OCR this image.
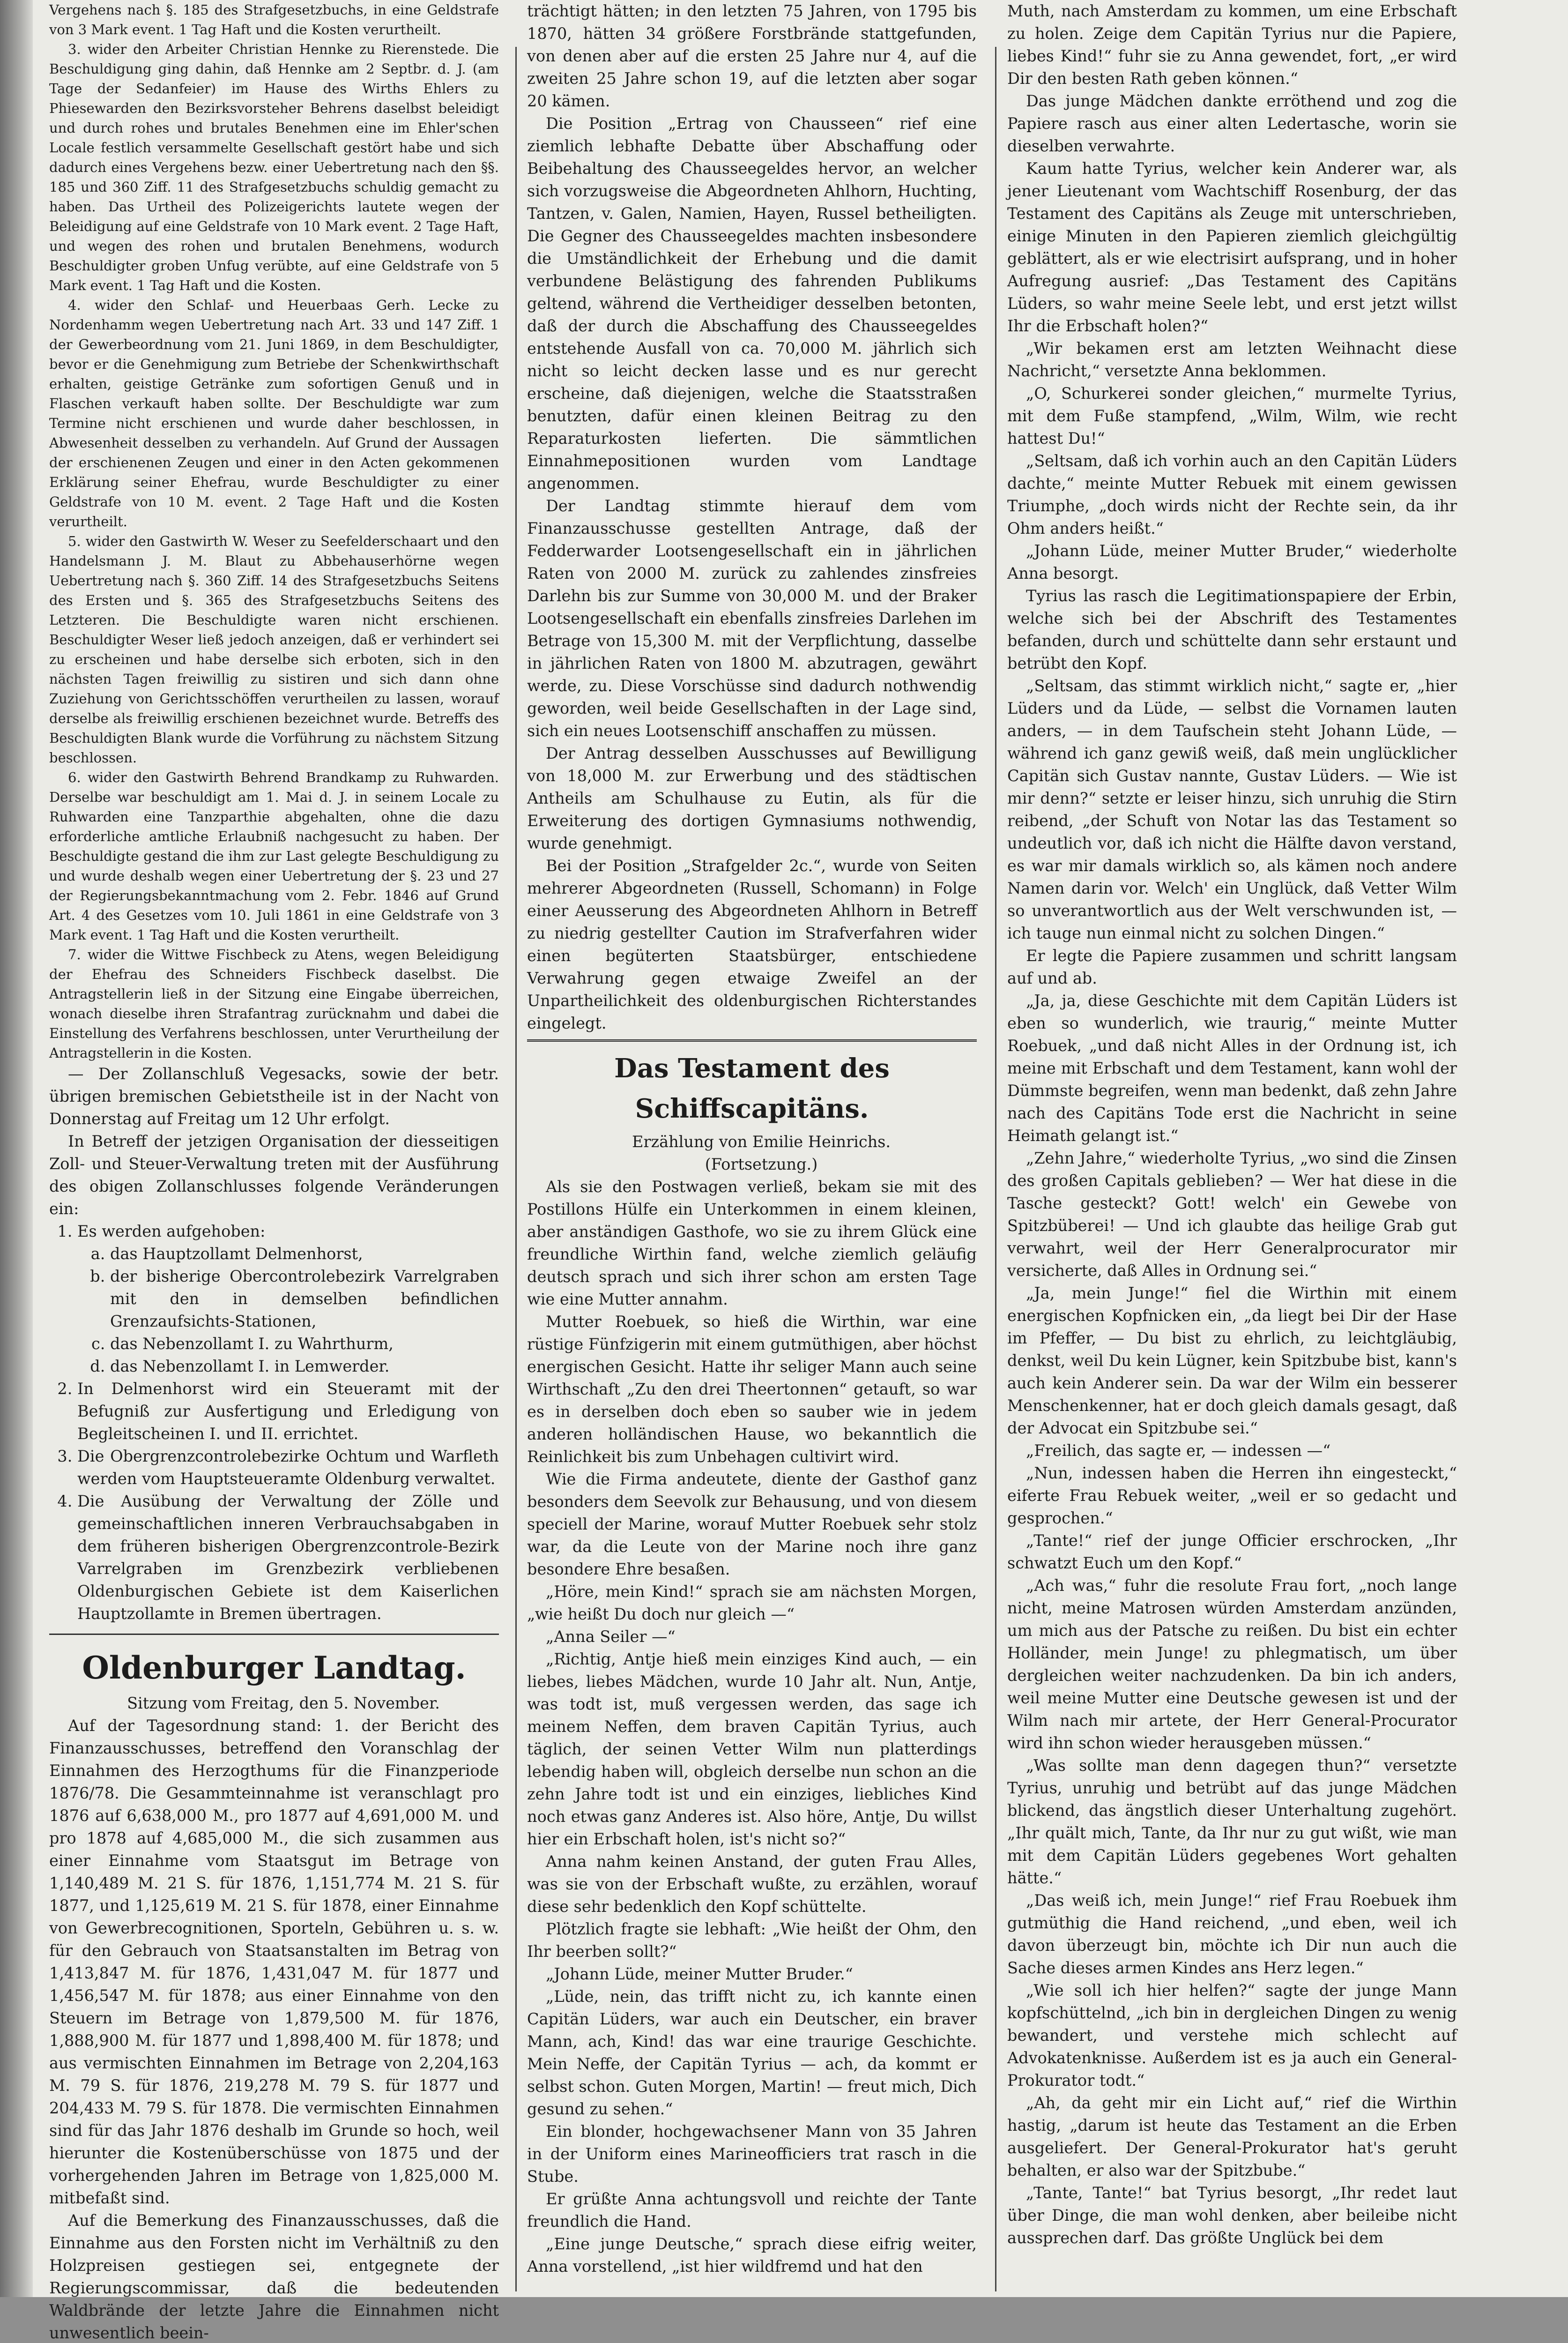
Vergehens nach §. 185 des Strafgesetzbuchs, in eine Geldstrafe von 3 Mark event. 1 Tag Haft und die Kosten verurtheilt.

3. wider den Arbeiter Christian Hennke zu Rierenstede. Die Beschuldigung ging dahin, daß Hennke am 2 Septbr. d. J. (am Tage der Sedanfeier) im Hause des Wirths Ehlers zu Phiesewarden den Bezirksvorsteher Behrens daselbst beleidigt und durch rohes und brutales Benehmen eine im Ehler'schen Locale festlich versammelte Gesellschaft gestört habe und sich dadurch eines Vergehens bezw. einer Uebertretung nach den §§. 185 und 360 Ziff. 11 des Strafgesetzbuchs schuldig gemacht zu haben. Das Urtheil des Polizeigerichts lautete wegen der Beleidigung auf eine Geldstrafe von 10 Mark event. 2 Tage Haft, und wegen des rohen und brutalen Benehmens, wodurch Beschuldigter groben Unfug verübte, auf eine Geldstrafe von 5 Mark event. 1 Tag Haft und die Kosten.

4. wider den Schlaf- und Heuerbaas Gerh. Lecke zu Nordenhamm wegen Uebertretung nach Art. 33 und 147 Ziff. 1 der Gewerbeordnung vom 21. Juni 1869, in dem Beschuldigter, bevor er die Genehmigung zum Betriebe der Schenkwirthschaft erhalten, geistige Getränke zum sofortigen Genuß und in Flaschen verkauft haben sollte. Der Beschuldigte war zum Termine nicht erschienen und wurde daher beschlossen, in Abwesenheit desselben zu verhandeln. Auf Grund der Aussagen der erschienenen Zeugen und einer in den Acten gekommenen Erklärung seiner Ehefrau, wurde Beschuldigter zu einer Geldstrafe von 10 M. event. 2 Tage Haft und die Kosten verurtheilt.

5. wider den Gastwirth W. Weser zu Seefelderschaart und den Handelsmann J. M. Blaut zu Abbehauserhörne wegen Uebertretung nach §. 360 Ziff. 14 des Strafgesetzbuchs Seitens des Ersten und §. 365 des Strafgesetzbuchs Seitens des Letzteren. Die Beschuldigte waren nicht erschienen. Beschuldigter Weser ließ jedoch anzeigen, daß er verhindert sei zu erscheinen und habe derselbe sich erboten, sich in den nächsten Tagen freiwillig zu sistiren und sich dann ohne Zuziehung von Gerichtsschöffen verurtheilen zu lassen, worauf derselbe als freiwillig erschienen bezeichnet wurde. Betreffs des Beschuldigten Blank wurde die Vorführung zu nächstem Sitzung beschlossen.

6. wider den Gastwirth Behrend Brandkamp zu Ruhwarden. Derselbe war beschuldigt am 1. Mai d. J. in seinem Locale zu Ruhwarden eine Tanzparthie abgehalten, ohne die dazu erforderliche amtliche Erlaubniß nachgesucht zu haben. Der Beschuldigte gestand die ihm zur Last gelegte Beschuldigung zu und wurde deshalb wegen einer Uebertretung der §. 23 und 27 der Regierungsbekanntmachung vom 2. Febr. 1846 auf Grund Art. 4 des Gesetzes vom 10. Juli 1861 in eine Geldstrafe von 3 Mark event. 1 Tag Haft und die Kosten verurtheilt.

7. wider die Wittwe Fischbeck zu Atens, wegen Beleidigung der Ehefrau des Schneiders Fischbeck daselbst. Die Antragstellerin ließ in der Sitzung eine Eingabe überreichen, wonach dieselbe ihren Strafantrag zurücknahm und dabei die Einstellung des Verfahrens beschlossen, unter Verurtheilung der Antragstellerin in die Kosten.

— Der Zollanschluß Vegesacks, sowie der betr. übrigen bremischen Gebietstheile ist in der Nacht von Donnerstag auf Freitag um 12 Uhr erfolgt.

In Betreff der jetzigen Organisation der diesseitigen Zoll- und Steuer-Verwaltung treten mit der Ausführung des obigen Zollanschlusses folgende Veränderungen ein:

1. Es werden aufgehoben:
a. das Hauptzollamt Delmenhorst,
b. der bisherige Obercontrolebezirk Varrelgraben mit den in demselben befindlichen Grenzaufsichts-Stationen,
c. das Nebenzollamt I. zu Wahrthurm,
d. das Nebenzollamt I. in Lemwerder.
2. In Delmenhorst wird ein Steueramt mit der Befugniß zur Ausfertigung und Erledigung von Begleitscheinen I. und II. errichtet.
3. Die Obergrenzcontrolebezirke Ochtum und Warfleth werden vom Hauptsteueramte Oldenburg verwaltet.
4. Die Ausübung der Verwaltung der Zölle und gemeinschaftlichen inneren Verbrauchsabgaben in dem früheren bisherigen Obergrenzcontrole-Bezirk Varrelgraben im Grenzbezirk verbliebenen Oldenburgischen Gebiete ist dem Kaiserlichen Hauptzollamte in Bremen übertragen.
Oldenburger Landtag.

Sitzung vom Freitag, den 5. November.

Auf der Tagesordnung stand: 1. der Bericht des Finanzausschusses, betreffend den Voranschlag der Einnahmen des Herzogthums für die Finanzperiode 1876/78. Die Gesammteinnahme ist veranschlagt pro 1876 auf 6,638,000 M., pro 1877 auf 4,691,000 M. und pro 1878 auf 4,685,000 M., die sich zusammen aus einer Einnahme vom Staatsgut im Betrage von 1,140,489 M. 21 S. für 1876, 1,151,774 M. 21 S. für 1877, und 1,125,619 M. 21 S. für 1878, einer Einnahme von Gewerbrecognitionen, Sporteln, Gebühren u. s. w. für den Gebrauch von Staatsanstalten im Betrag von 1,413,847 M. für 1876, 1,431,047 M. für 1877 und 1,456,547 M. für 1878; aus einer Einnahme von den Steuern im Betrage von 1,879,500 M. für 1876, 1,888,900 M. für 1877 und 1,898,400 M. für 1878; und aus vermischten Einnahmen im Betrage von 2,204,163 M. 79 S. für 1876, 219,278 M. 79 S. für 1877 und 204,433 M. 79 S. für 1878. Die vermischten Einnahmen sind für das Jahr 1876 deshalb im Grunde so hoch, weil hierunter die Kostenüberschüsse von 1875 und der vorhergehenden Jahren im Betrage von 1,825,000 M. mitbefaßt sind.

Auf die Bemerkung des Finanzausschusses, daß die Einnahme aus den Forsten nicht im Verhältniß zu den Holzpreisen gestiegen sei, entgegnete der Regierungscommissar, daß die bedeutenden Waldbrände der letzte Jahre die Einnahmen nicht unwesentlich beein-

trächtigt hätten; in den letzten 75 Jahren, von 1795 bis 1870, hätten 34 größere Forstbrände stattgefunden, von denen aber auf die ersten 25 Jahre nur 4, auf die zweiten 25 Jahre schon 19, auf die letzten aber sogar 20 kämen.

Die Position „Ertrag von Chausseen“ rief eine ziemlich lebhafte Debatte über Abschaffung oder Beibehaltung des Chausseegeldes hervor, an welcher sich vorzugsweise die Abgeordneten Ahlhorn, Huchting, Tantzen, v. Galen, Namien, Hayen, Russel betheiligten. Die Gegner des Chausseegeldes machten insbesondere die Umständlichkeit der Erhebung und die damit verbundene Belästigung des fahrenden Publikums geltend, während die Vertheidiger desselben betonten, daß der durch die Abschaffung des Chausseegeldes entstehende Ausfall von ca. 70,000 M. jährlich sich nicht so leicht decken lasse und es nur gerecht erscheine, daß diejenigen, welche die Staatsstraßen benutzten, dafür einen kleinen Beitrag zu den Reparaturkosten lieferten. Die sämmtlichen Einnahmepositionen wurden vom Landtage angenommen.

Der Landtag stimmte hierauf dem vom Finanzausschusse gestellten Antrage, daß der Fedderwarder Lootsengesellschaft ein in jährlichen Raten von 2000 M. zurück zu zahlendes zinsfreies Darlehn bis zur Summe von 30,000 M. und der Braker Lootsengesellschaft ein ebenfalls zinsfreies Darlehen im Betrage von 15,300 M. mit der Verpflichtung, dasselbe in jährlichen Raten von 1800 M. abzutragen, gewährt werde, zu. Diese Vorschüsse sind dadurch nothwendig geworden, weil beide Gesellschaften in der Lage sind, sich ein neues Lootsenschiff anschaffen zu müssen.

Der Antrag desselben Ausschusses auf Bewilligung von 18,000 M. zur Erwerbung und des städtischen Antheils am Schulhause zu Eutin, als für die Erweiterung des dortigen Gymnasiums nothwendig, wurde genehmigt.

Bei der Position „Strafgelder 2c.“, wurde von Seiten mehrerer Abgeordneten (Russell, Schomann) in Folge einer Aeusserung des Abgeordneten Ahlhorn in Betreff zu niedrig gestellter Caution im Strafverfahren wider einen begüterten Staatsbürger, entschiedene Verwahrung gegen etwaige Zweifel an der Unpartheilichkeit des oldenburgischen Richterstandes eingelegt.

Das Testament des Schiffscapitäns.

Erzählung von Emilie Heinrichs.

(Fortsetzung.)

Als sie den Postwagen verließ, bekam sie mit des Postillons Hülfe ein Unterkommen in einem kleinen, aber anständigen Gasthofe, wo sie zu ihrem Glück eine freundliche Wirthin fand, welche ziemlich geläufig deutsch sprach und sich ihrer schon am ersten Tage wie eine Mutter annahm.

Mutter Roebuek, so hieß die Wirthin, war eine rüstige Fünfzigerin mit einem gutmüthigen, aber höchst energischen Gesicht. Hatte ihr seliger Mann auch seine Wirthschaft „Zu den drei Theertonnen“ getauft, so war es in derselben doch eben so sauber wie in jedem anderen holländischen Hause, wo bekanntlich die Reinlichkeit bis zum Unbehagen cultivirt wird.

Wie die Firma andeutete, diente der Gasthof ganz besonders dem Seevolk zur Behausung, und von diesem speciell der Marine, worauf Mutter Roebuek sehr stolz war, da die Leute von der Marine noch ihre ganz besondere Ehre besaßen.

„Höre, mein Kind!“ sprach sie am nächsten Morgen, „wie heißt Du doch nur gleich —“

„Anna Seiler —“

„Richtig, Antje hieß mein einziges Kind auch, — ein liebes, liebes Mädchen, wurde 10 Jahr alt. Nun, Antje, was todt ist, muß vergessen werden, das sage ich meinem Neffen, dem braven Capitän Tyrius, auch täglich, der seinen Vetter Wilm nun platterdings lebendig haben will, obgleich derselbe nun schon an die zehn Jahre todt ist und ein einziges, liebliches Kind noch etwas ganz Anderes ist. Also höre, Antje, Du willst hier ein Erbschaft holen, ist's nicht so?“

Anna nahm keinen Anstand, der guten Frau Alles, was sie von der Erbschaft wußte, zu erzählen, worauf diese sehr bedenklich den Kopf schüttelte.

Plötzlich fragte sie lebhaft: „Wie heißt der Ohm, den Ihr beerben sollt?“

„Johann Lüde, meiner Mutter Bruder.“

„Lüde, nein, das trifft nicht zu, ich kannte einen Capitän Lüders, war auch ein Deutscher, ein braver Mann, ach, Kind! das war eine traurige Geschichte. Mein Neffe, der Capitän Tyrius — ach, da kommt er selbst schon. Guten Morgen, Martin! — freut mich, Dich gesund zu sehen.“

Ein blonder, hochgewachsener Mann von 35 Jahren in der Uniform eines Marineofficiers trat rasch in die Stube.

Er grüßte Anna achtungsvoll und reichte der Tante freundlich die Hand.

„Eine junge Deutsche,“ sprach diese eifrig weiter, Anna vorstellend, „ist hier wildfremd und hat den

Muth, nach Amsterdam zu kommen, um eine Erbschaft zu holen. Zeige dem Capitän Tyrius nur die Papiere, liebes Kind!“ fuhr sie zu Anna gewendet, fort, „er wird Dir den besten Rath geben können.“

Das junge Mädchen dankte erröthend und zog die Papiere rasch aus einer alten Ledertasche, worin sie dieselben verwahrte.

Kaum hatte Tyrius, welcher kein Anderer war, als jener Lieutenant vom Wachtschiff Rosenburg, der das Testament des Capitäns als Zeuge mit unterschrieben, einige Minuten in den Papieren ziemlich gleichgültig geblättert, als er wie electrisirt aufsprang, und in hoher Aufregung ausrief: „Das Testament des Capitäns Lüders, so wahr meine Seele lebt, und erst jetzt willst Ihr die Erbschaft holen?“

„Wir bekamen erst am letzten Weihnacht diese Nachricht,“ versetzte Anna beklommen.

„O, Schurkerei sonder gleichen,“ murmelte Tyrius, mit dem Fuße stampfend, „Wilm, Wilm, wie recht hattest Du!“

„Seltsam, daß ich vorhin auch an den Capitän Lüders dachte,“ meinte Mutter Rebuek mit einem gewissen Triumphe, „doch wirds nicht der Rechte sein, da ihr Ohm anders heißt.“

„Johann Lüde, meiner Mutter Bruder,“ wiederholte Anna besorgt.

Tyrius las rasch die Legitimationspapiere der Erbin, welche sich bei der Abschrift des Testamentes befanden, durch und schüttelte dann sehr erstaunt und betrübt den Kopf.

„Seltsam, das stimmt wirklich nicht,“ sagte er, „hier Lüders und da Lüde, — selbst die Vornamen lauten anders, — in dem Taufschein steht Johann Lüde, — während ich ganz gewiß weiß, daß mein unglücklicher Capitän sich Gustav nannte, Gustav Lüders. — Wie ist mir denn?“ setzte er leiser hinzu, sich unruhig die Stirn reibend, „der Schuft von Notar las das Testament so undeutlich vor, daß ich nicht die Hälfte davon verstand, es war mir damals wirklich so, als kämen noch andere Namen darin vor. Welch' ein Unglück, daß Vetter Wilm so unverantwortlich aus der Welt verschwunden ist, — ich tauge nun einmal nicht zu solchen Dingen.“

Er legte die Papiere zusammen und schritt langsam auf und ab.

„Ja, ja, diese Geschichte mit dem Capitän Lüders ist eben so wunderlich, wie traurig,“ meinte Mutter Roebuek, „und daß nicht Alles in der Ordnung ist, ich meine mit Erbschaft und dem Testament, kann wohl der Dümmste begreifen, wenn man bedenkt, daß zehn Jahre nach des Capitäns Tode erst die Nachricht in seine Heimath gelangt ist.“

„Zehn Jahre,“ wiederholte Tyrius, „wo sind die Zinsen des großen Capitals geblieben? — Wer hat diese in die Tasche gesteckt? Gott! welch' ein Gewebe von Spitzbüberei! — Und ich glaubte das heilige Grab gut verwahrt, weil der Herr Generalprocurator mir versicherte, daß Alles in Ordnung sei.“

„Ja, mein Junge!“ fiel die Wirthin mit einem energischen Kopfnicken ein, „da liegt bei Dir der Hase im Pfeffer, — Du bist zu ehrlich, zu leichtgläubig, denkst, weil Du kein Lügner, kein Spitzbube bist, kann's auch kein Anderer sein. Da war der Wilm ein besserer Menschenkenner, hat er doch gleich damals gesagt, daß der Advocat ein Spitzbube sei.“

„Freilich, das sagte er, — indessen —“

„Nun, indessen haben die Herren ihn eingesteckt,“ eiferte Frau Rebuek weiter, „weil er so gedacht und gesprochen.“

„Tante!“ rief der junge Officier erschrocken, „Ihr schwatzt Euch um den Kopf.“

„Ach was,“ fuhr die resolute Frau fort, „noch lange nicht, meine Matrosen würden Amsterdam anzünden, um mich aus der Patsche zu reißen. Du bist ein echter Holländer, mein Junge! zu phlegmatisch, um über dergleichen weiter nachzudenken. Da bin ich anders, weil meine Mutter eine Deutsche gewesen ist und der Wilm nach mir artete, der Herr General-Procurator wird ihn schon wieder herausgeben müssen.“

„Was sollte man denn dagegen thun?“ versetzte Tyrius, unruhig und betrübt auf das junge Mädchen blickend, das ängstlich dieser Unterhaltung zugehört. „Ihr quält mich, Tante, da Ihr nur zu gut wißt, wie man mit dem Capitän Lüders gegebenes Wort gehalten hätte.“

„Das weiß ich, mein Junge!“ rief Frau Roebuek ihm gutmüthig die Hand reichend, „und eben, weil ich davon überzeugt bin, möchte ich Dir nun auch die Sache dieses armen Kindes ans Herz legen.“

„Wie soll ich hier helfen?“ sagte der junge Mann kopfschüttelnd, „ich bin in dergleichen Dingen zu wenig bewandert, und verstehe mich schlecht auf Advokatenknisse. Außerdem ist es ja auch ein General-Prokurator todt.“

„Ah, da geht mir ein Licht auf,“ rief die Wirthin hastig, „darum ist heute das Testament an die Erben ausgeliefert. Der General-Prokurator hat's geruht behalten, er also war der Spitzbube.“

„Tante, Tante!“ bat Tyrius besorgt, „Ihr redet laut über Dinge, die man wohl denken, aber beileibe nicht aussprechen darf. Das größte Unglück bei dem
